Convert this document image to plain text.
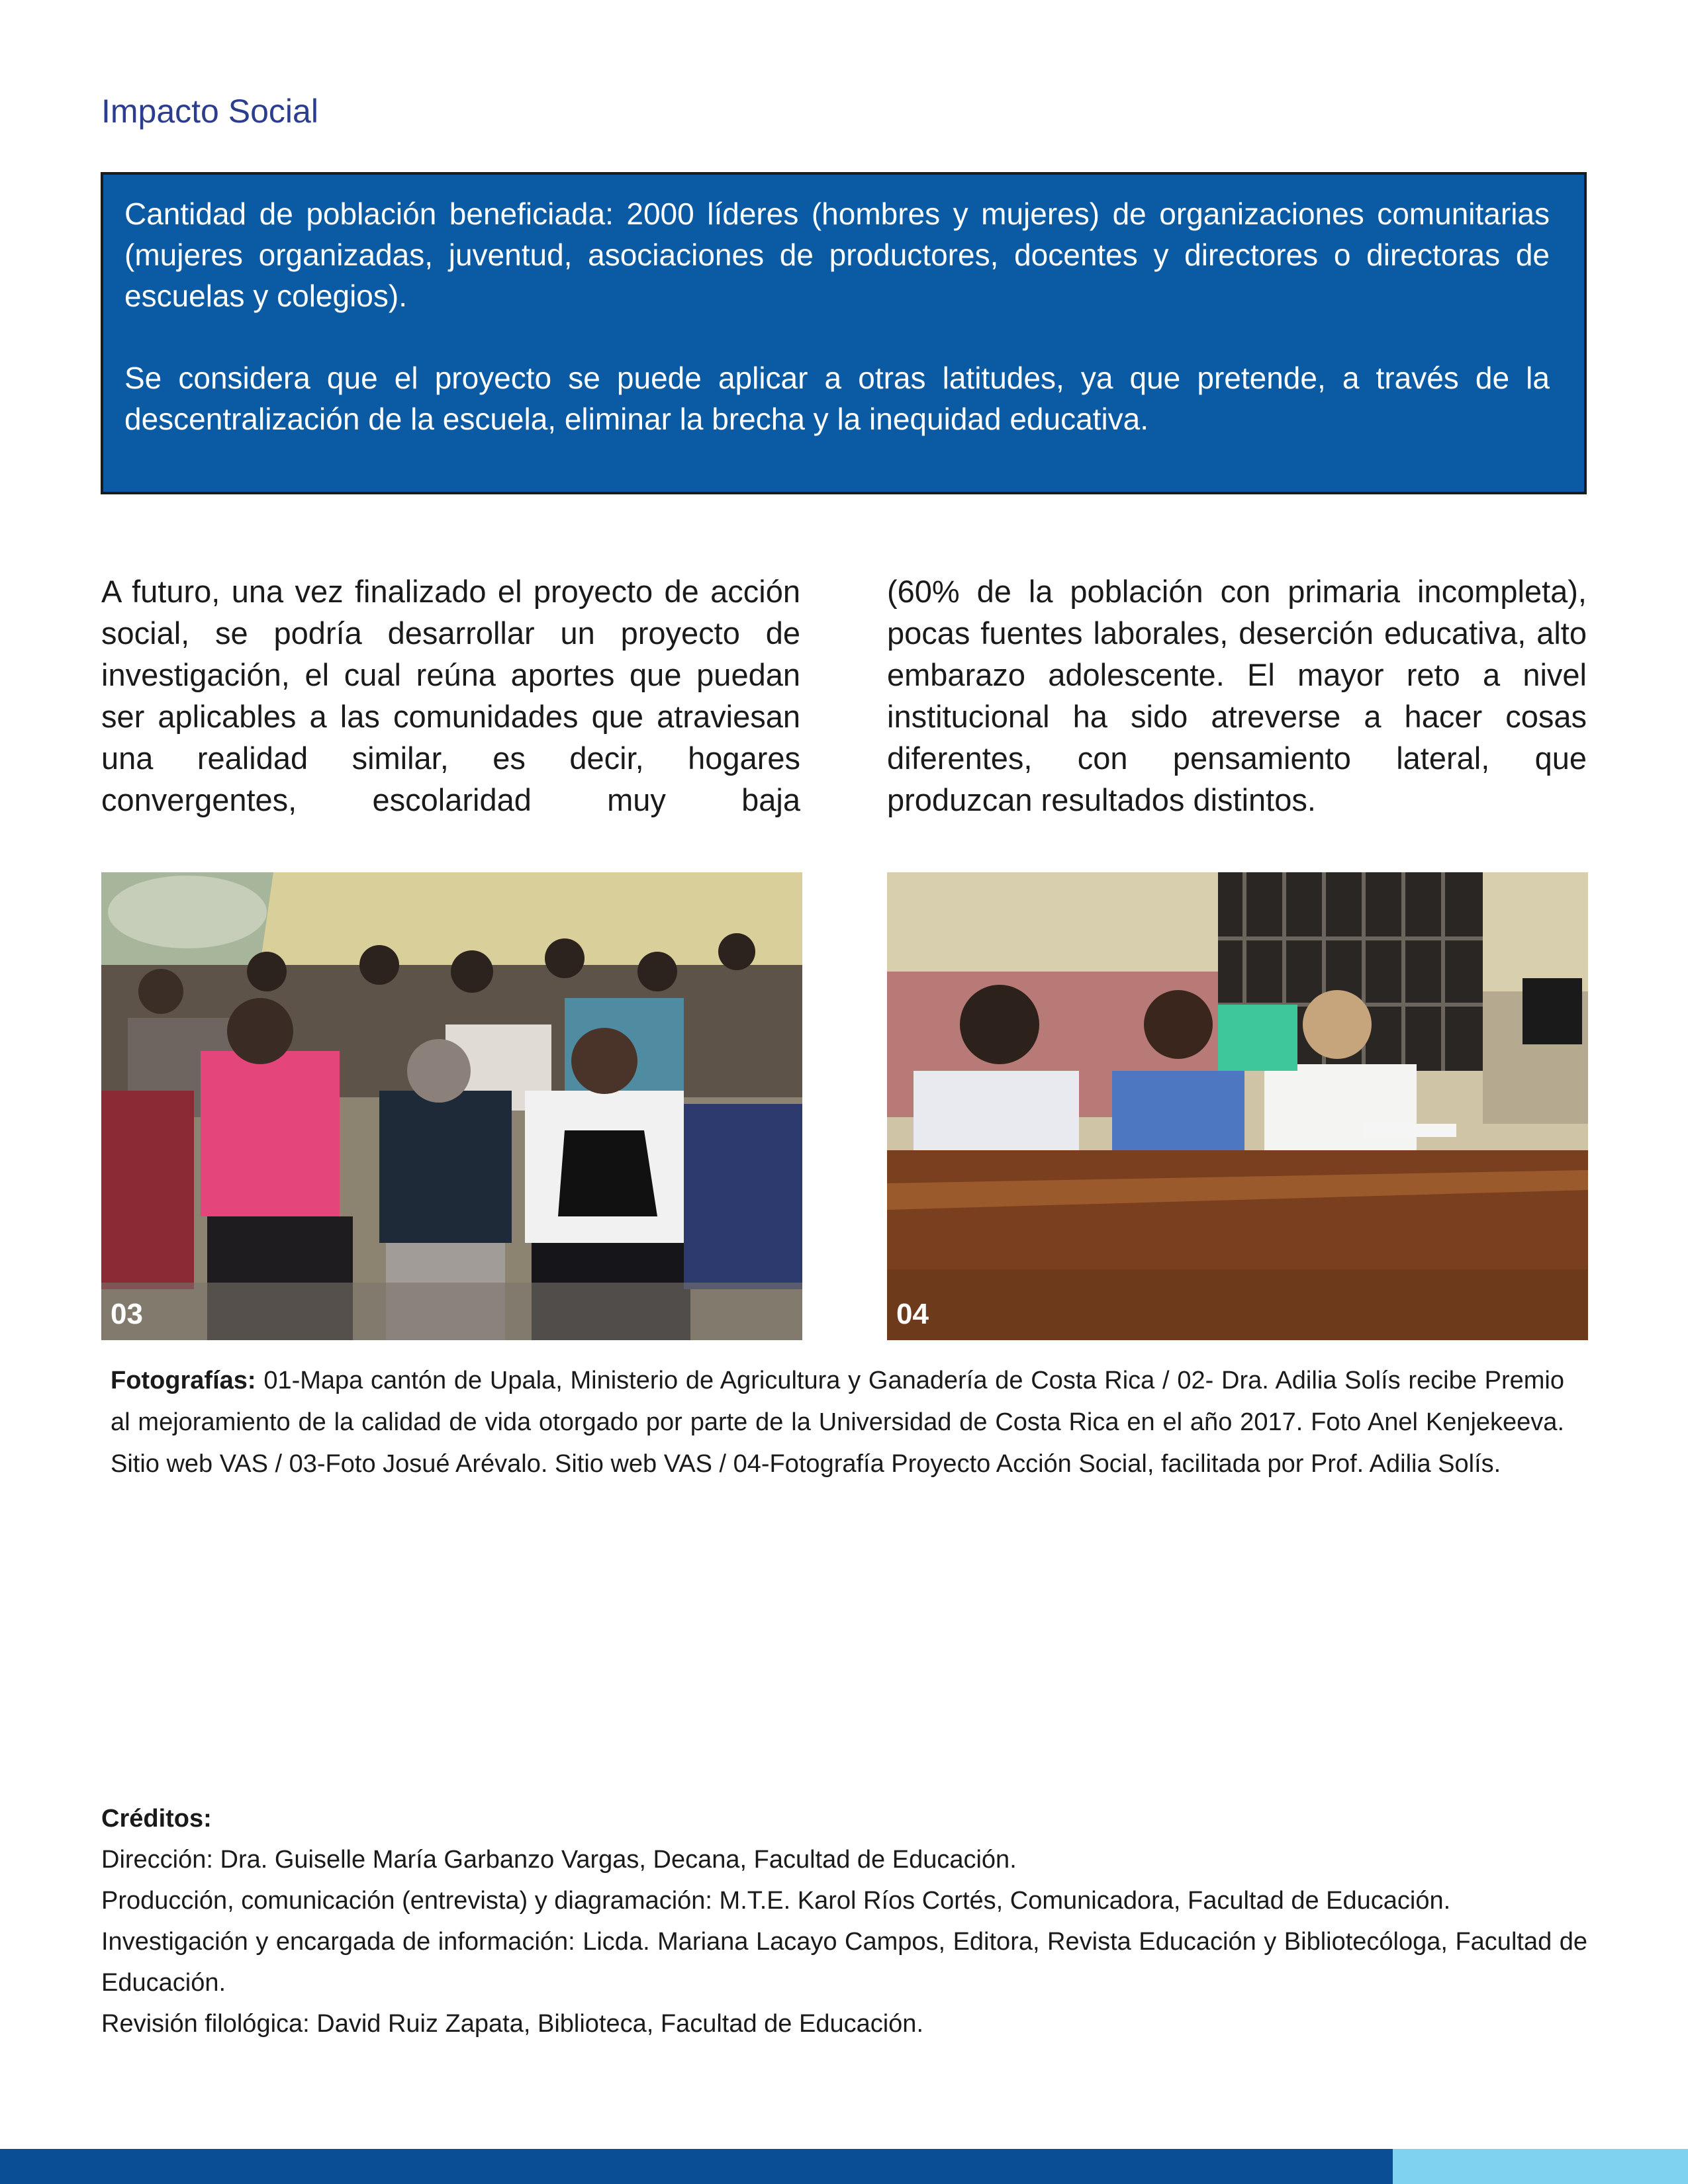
Impacto Social

Cantidad de población beneficiada: 2000 líderes (hombres y mujeres) de organizaciones comunitarias (mujeres organizadas, juventud, asociaciones de productores, docentes y directores o directoras de escuelas y colegios).

Se considera que el proyecto se puede aplicar a otras latitudes, ya que pretende, a través de la descentralización de la escuela, eliminar la brecha y la inequidad educativa.

A futuro, una vez finalizado el proyecto de acción social, se podría desarrollar un proyecto de investigación, el cual reúna aportes que puedan ser aplicables a las comunidades que atraviesan una realidad similar, es decir, hogares convergentes, escolaridad muy baja
(60% de la población con primaria incompleta), pocas fuentes laborales, deserción educativa, alto embarazo adolescente. El mayor reto a nivel institucional ha sido atreverse a hacer cosas diferentes, con pensamiento lateral, que produzcan resultados distintos.
03	04

Fotografías: 01-Mapa cantón de Upala, Ministerio de Agricultura y Ganadería de Costa Rica / 02- Dra. Adilia Solís recibe Premio al mejoramiento de la calidad de vida otorgado por parte de la Universidad de Costa Rica en el año 2017. Foto Anel Kenjekeeva. Sitio web VAS / 03-Foto Josué Arévalo. Sitio web VAS / 04-Fotografía Proyecto Acción Social, facilitada por Prof. Adilia Solís.

Créditos:
Dirección: Dra. Guiselle María Garbanzo Vargas, Decana, Facultad de Educación.
Producción, comunicación (entrevista) y diagramación: M.T.E. Karol Ríos Cortés, Comunicadora, Facultad de Educación.
Investigación y encargada de información: Licda. Mariana Lacayo Campos, Editora, Revista Educación y Bibliotecóloga, Facultad de Educación.
Revisión filológica: David Ruiz Zapata, Biblioteca, Facultad de Educación.
